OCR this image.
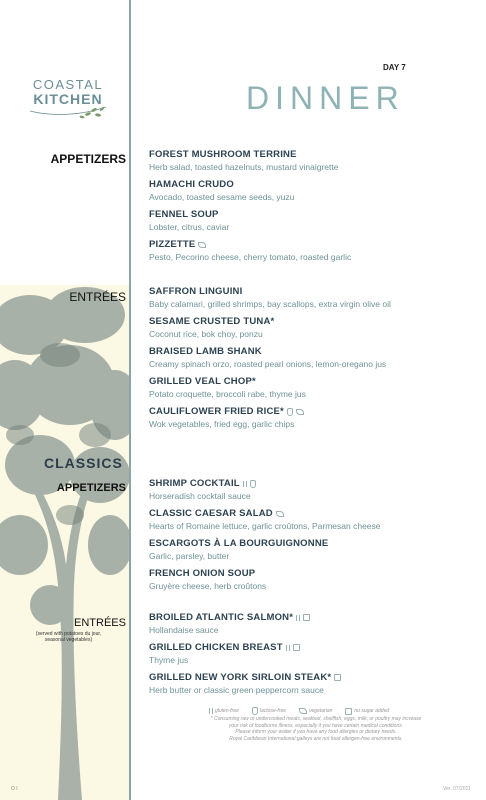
COASTAL
KITCHEN
DAY 7
DINNER
APPETIZERS
ENTRÉES
CLASSICS
APPETIZERS
ENTRÉES
(served with potatoes du jour, seasonal vegetables)
FOREST MUSHROOM TERRINE
Herb salad, toasted hazelnuts, mustard vinaigrette
HAMACHI CRUDO
Avocado, toasted sesame seeds, yuzu
FENNEL SOUP
Lobster, citrus, caviar
PIZZETTE
Pesto, Pecorino cheese, cherry tomato, roasted garlic
SAFFRON LINGUINI
Baby calamari, grilled shrimps, bay scallops, extra virgin olive oil
SESAME CRUSTED TUNA*
Coconut rice, bok choy, ponzu
BRAISED LAMB SHANK
Creamy spinach orzo, roasted pearl onions, lemon-oregano jus
GRILLED VEAL CHOP*
Potato croquette, broccoli rabe, thyme jus
CAULIFLOWER FRIED RICE*
Wok vegetables, fried egg, garlic chips
SHRIMP COCKTAIL
Horseradish cocktail sauce
CLASSIC CAESAR SALAD
Hearts of Romaine lettuce, garlic croûtons, Parmesan cheese
ESCARGOTS À LA BOURGUIGNONNE
Garlic, parsley, butter
FRENCH ONION SOUP
Gruyère cheese, herb croûtons
BROILED ATLANTIC SALMON*
Hollandaise sauce
GRILLED CHICKEN BREAST
Thyme jus
GRILLED NEW YORK SIRLOIN STEAK*
Herb butter or classic green peppercorn sauce
gluten-free	lactose-free	vegetarian	no sugar added
* Consuming raw or undercooked meats, seafood, shellfish, eggs, milk, or poultry may increase
your risk of foodborne illness, especially if you have certain medical conditions.
Please inform your waiter if you have any food allergies or dietary needs.
Royal Caribbean International galleys are not food allergen-free environments.
O I	Ver. 07/2011
